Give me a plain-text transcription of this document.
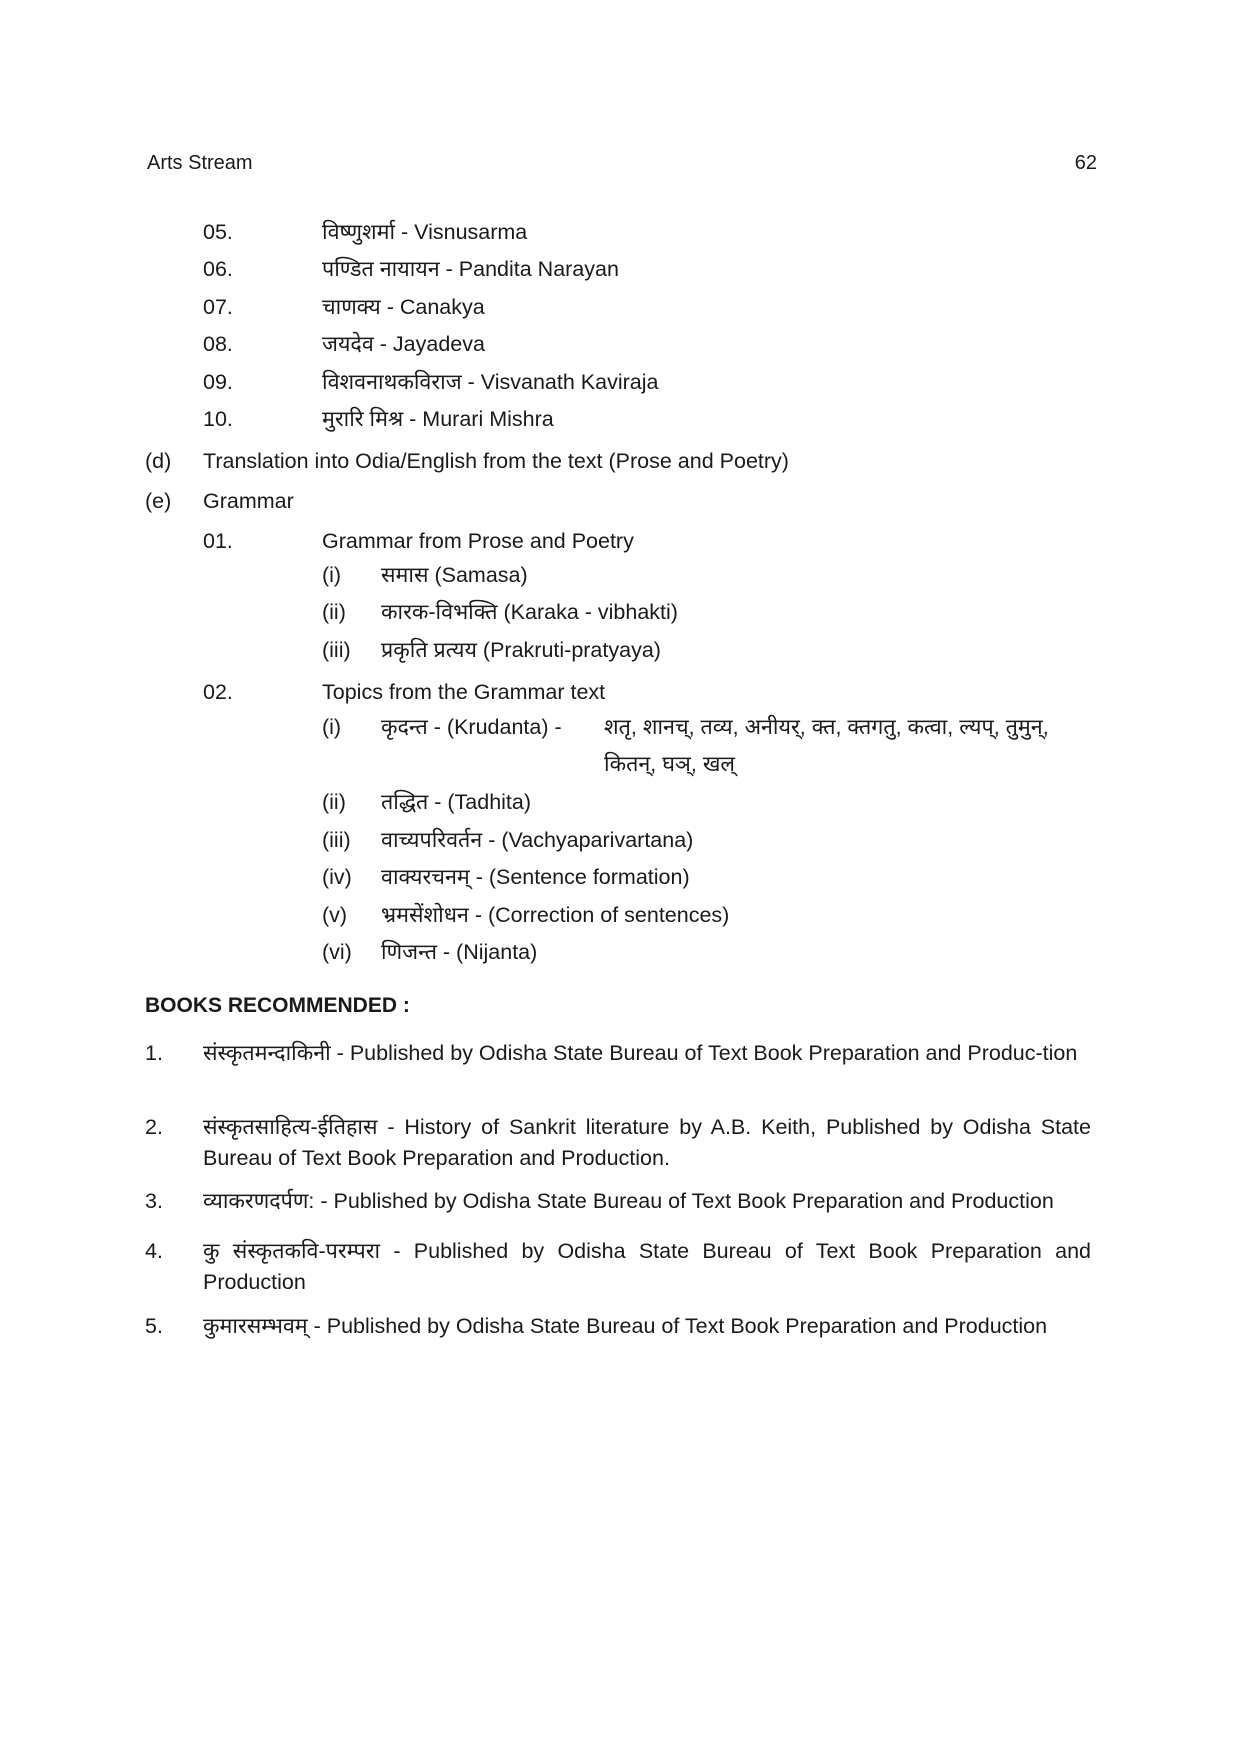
Arts Stream	62
05.	विष्णुशर्मा - Visnusarma
06.	पण्डित नायायन - Pandita Narayan
07.	चाणक्य - Canakya
08.	जयदेव - Jayadeva
09.	विशवनाथकविराज - Visvanath Kaviraja
10.	मुरारि मिश्र - Murari Mishra
(d) Translation into Odia/English from the text (Prose and Poetry)
(e) Grammar
01.	Grammar from Prose and Poetry
(i) समास (Samasa)
(ii) कारक-विभक्ति (Karaka - vibhakti)
(iii) प्रकृति प्रत्यय (Prakruti-pratyaya)
02.	Topics from the Grammar text
(i) कृदन्त - (Krudanta) - शतृ, शानच्, तव्य, अनीयर्, क्त, क्तगतु, कत्वा, ल्यप्, तुमुन्,
कितन्, घञ्, खल्
(ii) तद्धित - (Tadhita)
(iii) वाच्यपरिवर्तन - (Vachyaparivartana)
(iv) वाक्यरचनम् - (Sentence formation)
(v) भ्रमसेंशोधन - (Correction of sentences)
(vi) णिजन्त - (Nijanta)
BOOKS RECOMMENDED :
1. संस्कृतमन्दाकिनी - Published by Odisha State Bureau of Text Book Preparation and Produc-tion
2. संस्कृतसाहित्य-ईतिहास - History of Sankrit literature by A.B. Keith, Published by Odisha State Bureau of Text Book Preparation and Production.
3. व्याकरणदर्पण: - Published by Odisha State Bureau of Text Book Preparation and Production
4. कु संस्कृतकवि-परम्परा - Published by Odisha State Bureau of Text Book Preparation and Production
5. कुमारसम्भवम् - Published by Odisha State Bureau of Text Book Preparation and Production
